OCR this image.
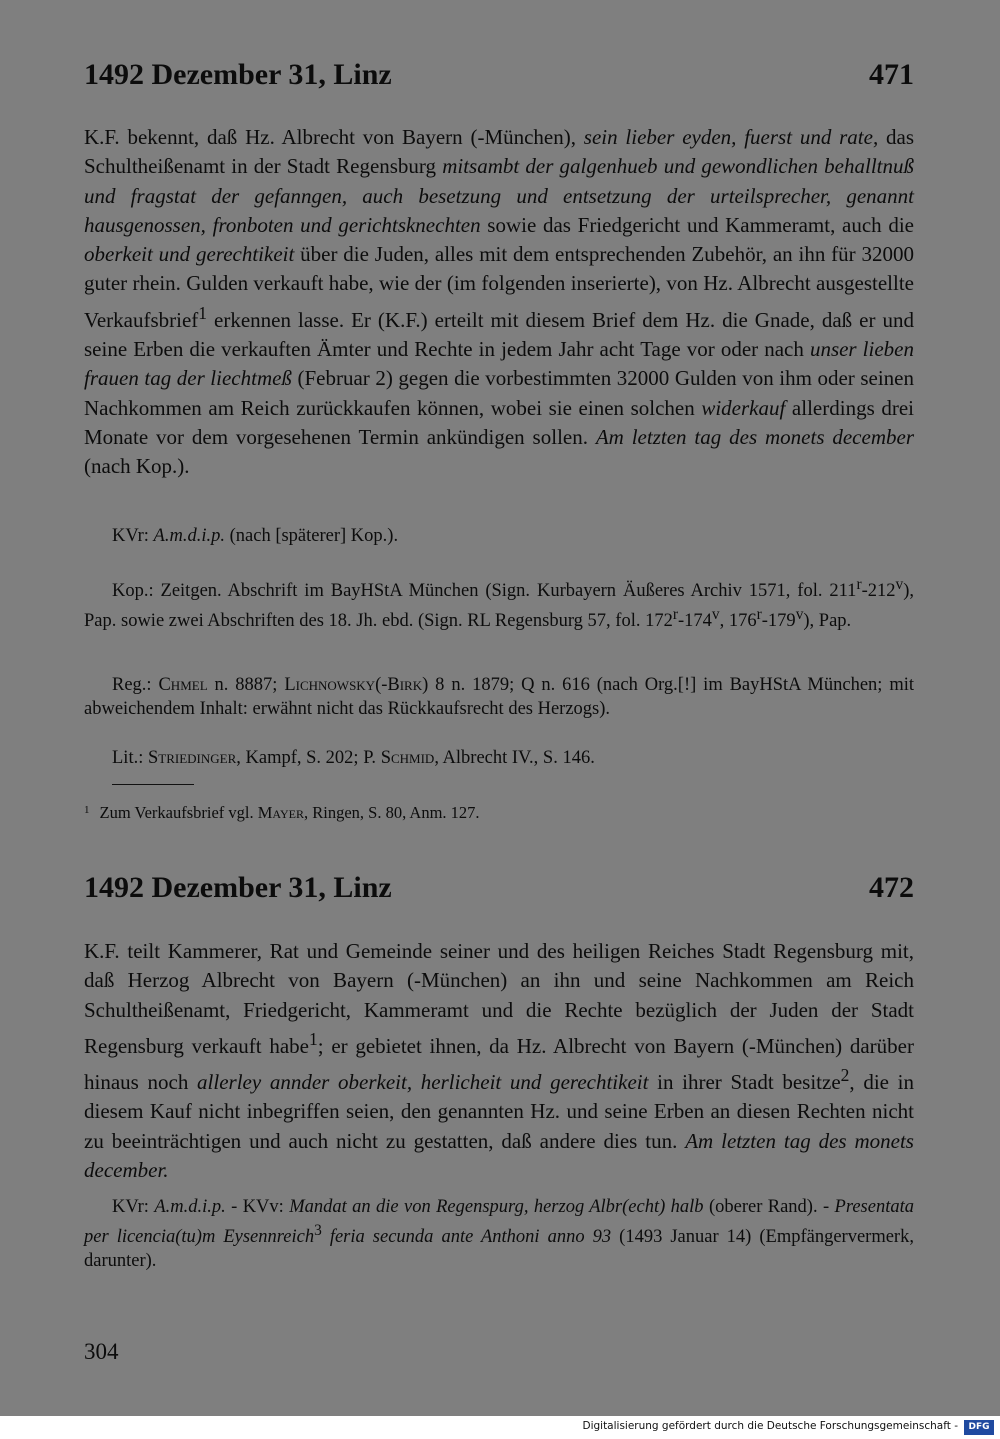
1492 Dezember 31, Linz	471
K.F. bekennt, daß Hz. Albrecht von Bayern (-München), sein lieber eyden, fuerst und rate, das Schultheißenamt in der Stadt Regensburg mitsambt der galgenhueb und gewondlichen behalltnuß und fragstat der gefanngen, auch besetzung und entsetzung der urteilsprecher, genannt hausgenossen, fronboten und gerichtsknechten sowie das Friedgericht und Kammeramt, auch die oberkeit und gerechtikeit über die Juden, alles mit dem entsprechenden Zubehör, an ihn für 32000 guter rhein. Gulden verkauft habe, wie der (im folgenden inserierte), von Hz. Albrecht ausgestellte Verkaufsbrief$^1$ erkennen lasse. Er (K.F.) erteilt mit diesem Brief dem Hz. die Gnade, daß er und seine Erben die verkauften Ämter und Rechte in jedem Jahr acht Tage vor oder nach unser lieben frauen tag der liechtmeß (Februar 2) gegen die vorbestimmten 32000 Gulden von ihm oder seinen Nachkommen am Reich zurückkaufen können, wobei sie einen solchen widerkauf allerdings drei Monate vor dem vorgesehenen Termin ankündigen sollen. Am letzten tag des monets december (nach Kop.).
KVr: A.m.d.i.p. (nach [späterer] Kop.).
Kop.: Zeitgen. Abschrift im BayHStA München (Sign. Kurbayern Äußeres Archiv 1571, fol. 211$^r$-212$^v$), Pap. sowie zwei Abschriften des 18. Jh. ebd. (Sign. RL Regensburg 57, fol. 172$^r$-174$^v$, 176$^r$-179$^v$), Pap.
Reg.: Chmel n. 8887; Lichnowsky(-Birk) 8 n. 1879; Q n. 616 (nach Org.[!] im BayHStA München; mit abweichendem Inhalt: erwähnt nicht das Rückkaufsrecht des Herzogs).
Lit.: Striedinger, Kampf, S. 202; P. Schmid, Albrecht IV., S. 146.
$^1$ Zum Verkaufsbrief vgl. Mayer, Ringen, S. 80, Anm. 127.
1492 Dezember 31, Linz	472
K.F. teilt Kammerer, Rat und Gemeinde seiner und des heiligen Reiches Stadt Regensburg mit, daß Herzog Albrecht von Bayern (-München) an ihn und seine Nachkommen am Reich Schultheißenamt, Friedgericht, Kammeramt und die Rechte bezüglich der Juden der Stadt Regensburg verkauft habe$^1$; er gebietet ihnen, da Hz. Albrecht von Bayern (-München) darüber hinaus noch allerley annder oberkeit, herlicheit und gerechtikeit in ihrer Stadt besitze$^2$, die in diesem Kauf nicht inbegriffen seien, den genannten Hz. und seine Erben an diesen Rechten nicht zu beeinträchtigen und auch nicht zu gestatten, daß andere dies tun. Am letzten tag des monets december.
KVr: A.m.d.i.p. - KVv: Mandat an die von Regenspurg, herzog Albr(echt) halb (oberer Rand). - Presentata per licencia(tu)m Eysennreich$^3$ feria secunda ante Anthoni anno 93 (1493 Januar 14) (Empfängervermerk, darunter).
304
Digitalisierung gefördert durch die Deutsche Forschungsgemeinschaft -	DFG
